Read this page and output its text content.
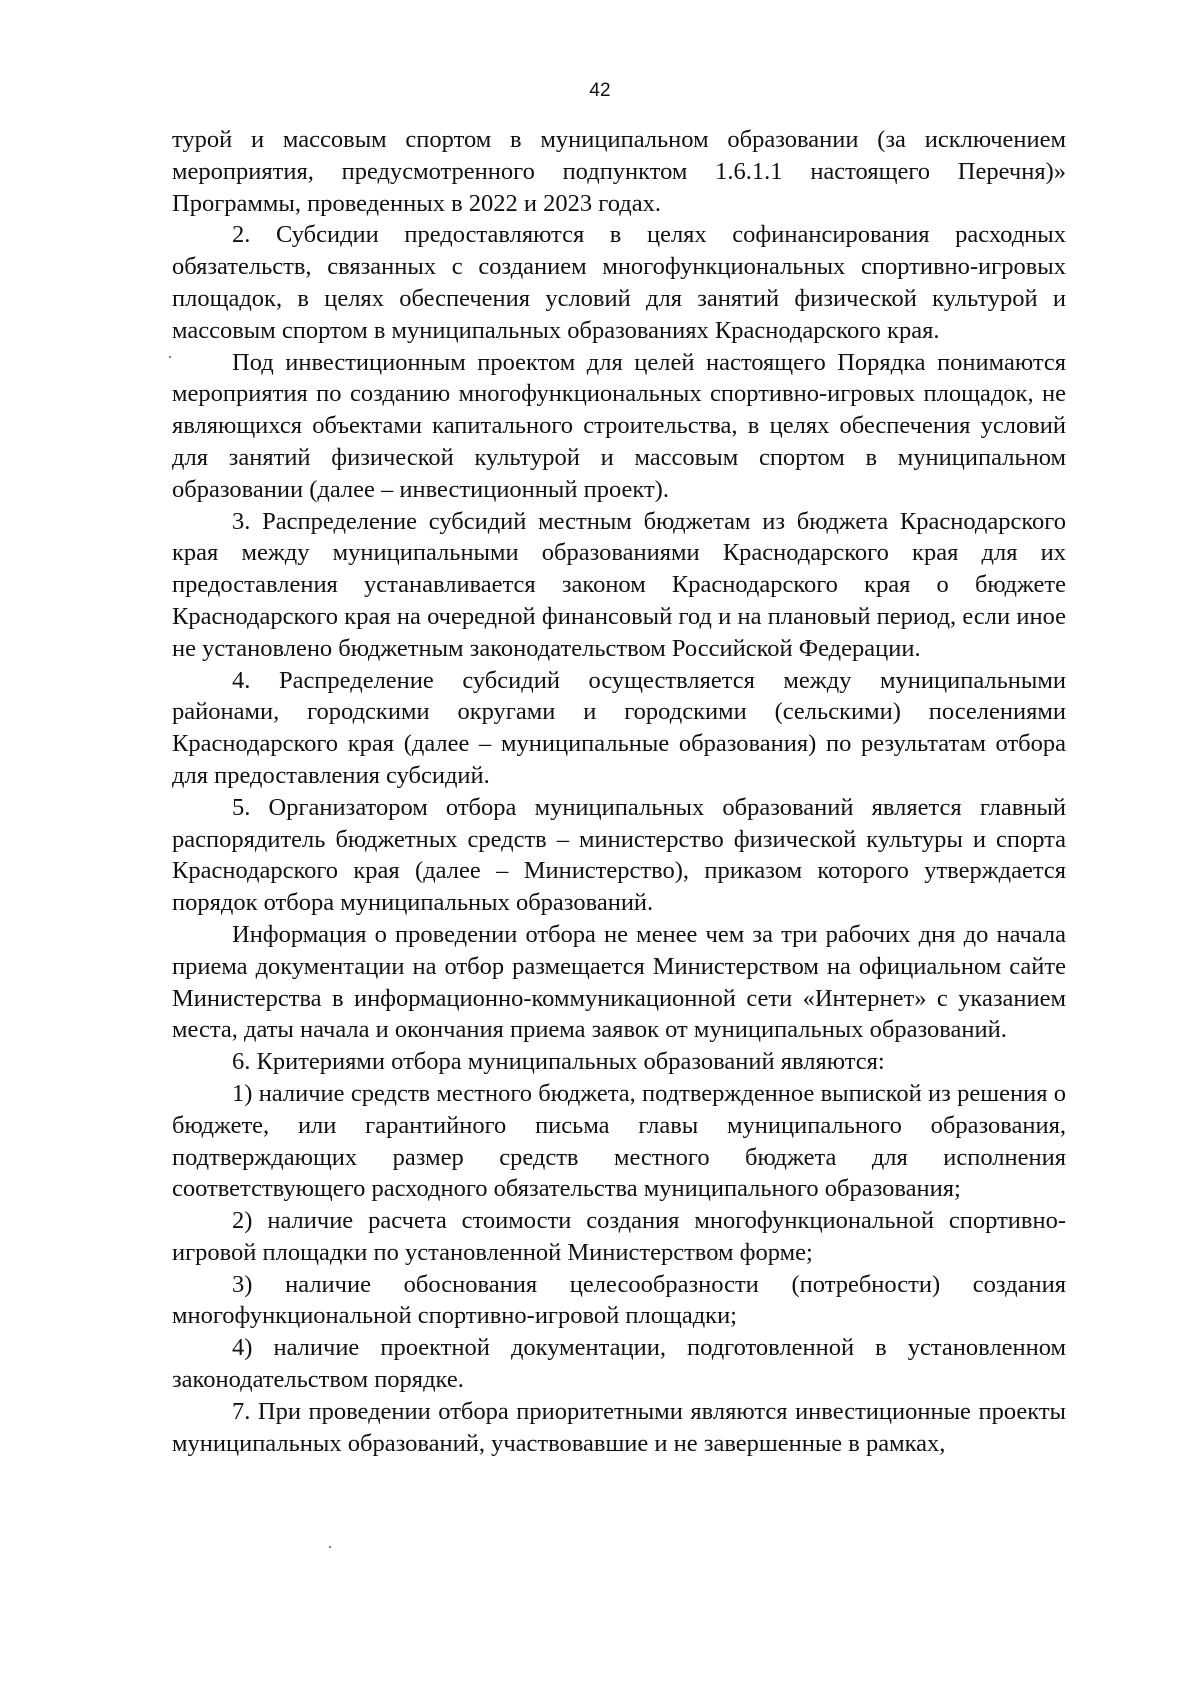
42

турой и массовым спортом в муниципальном образовании (за исключением мероприятия, предусмотренного подпунктом 1.6.1.1 настоящего Перечня)» Программы, проведенных в 2022 и 2023 годах.

2. Субсидии предоставляются в целях софинансирования расходных обязательств, связанных с созданием многофункциональных спортивно-игровых площадок, в целях обеспечения условий для занятий физической культурой и массовым спортом в муниципальных образованиях Краснодарского края.

Под инвестиционным проектом для целей настоящего Порядка понимаются мероприятия по созданию многофункциональных спортивно-игровых площадок, не являющихся объектами капитального строительства, в целях обеспечения условий для занятий физической культурой и массовым спортом в муниципальном образовании (далее – инвестиционный проект).

3. Распределение субсидий местным бюджетам из бюджета Краснодарского края между муниципальными образованиями Краснодарского края для их предоставления устанавливается законом Краснодарского края о бюджете Краснодарского края на очередной финансовый год и на плановый период, если иное не установлено бюджетным законодательством Российской Федерации.

4. Распределение субсидий осуществляется между муниципальными районами, городскими округами и городскими (сельскими) поселениями Краснодарского края (далее – муниципальные образования) по результатам отбора для предоставления субсидий.

5. Организатором отбора муниципальных образований является главный распорядитель бюджетных средств – министерство физической культуры и спорта Краснодарского края (далее – Министерство), приказом которого утверждается порядок отбора муниципальных образований.

Информация о проведении отбора не менее чем за три рабочих дня до начала приема документации на отбор размещается Министерством на официальном сайте Министерства в информационно-коммуникационной сети «Интернет» с указанием места, даты начала и окончания приема заявок от муниципальных образований.

6. Критериями отбора муниципальных образований являются:

1) наличие средств местного бюджета, подтвержденное выпиской из решения о бюджете, или гарантийного письма главы муниципального образования, подтверждающих размер средств местного бюджета для исполнения соответствующего расходного обязательства муниципального образования;

2) наличие расчета стоимости создания многофункциональной спортивно-игровой площадки по установленной Министерством форме;

3) наличие обоснования целесообразности (потребности) создания многофункциональной спортивно-игровой площадки;

4) наличие проектной документации, подготовленной в установленном законодательством порядке.

7. При проведении отбора приоритетными являются инвестиционные проекты муниципальных образований, участвовавшие и не завершенные в рамках,
